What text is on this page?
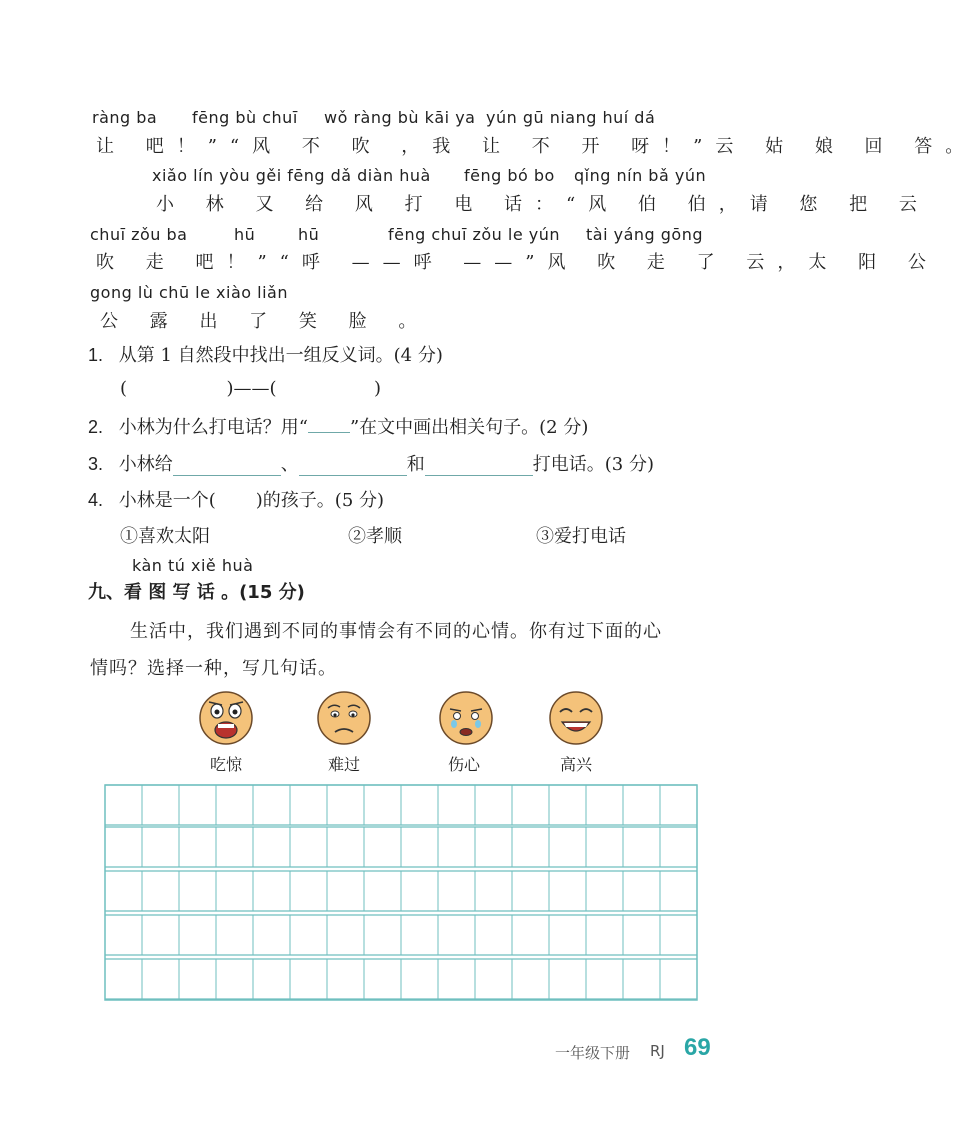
ràng ba fēng bù chuī wǒ ràng bù kāi ya yún gū niang huí dá
让 吧！”“风 不 吹 ，我 让 不 开 呀！”云 姑 娘 回 答。
xiǎo lín yòu gěi fēng dǎ diàn huà fēng bó bo qǐng nín bǎ yún
小 林 又 给 风 打 电 话：“风 伯 伯，请 您 把 云
chuī zǒu ba	hū	hū	fēng chuī zǒu le yún tài yáng gōng
吹 走 吧！”“呼 ——呼 ——”风 吹 走 了 云，太 阳 公
gong lù chū le xiào liǎn
公 露 出 了 笑 脸 。
1. 从第 1 自然段中找出一组反义词。(4 分)
(	)——(	)
2. 小林为什么打电话？用“ ”在文中画出相关句子。(2 分)
3. 小林给	、	和	打电话。(3 分)
4. 小林是一个( )的孩子。(5 分)
①喜欢太阳	②孝顺	③爱打电话
kàn tú xiě huà
九、看 图 写 话 。(15 分)
生活中，我们遇到不同的事情会有不同的心情。你有过下面的心
情吗？选择一种，写几句话。
吃惊	难过	伤心	高兴
一年级下册 RJ 69
